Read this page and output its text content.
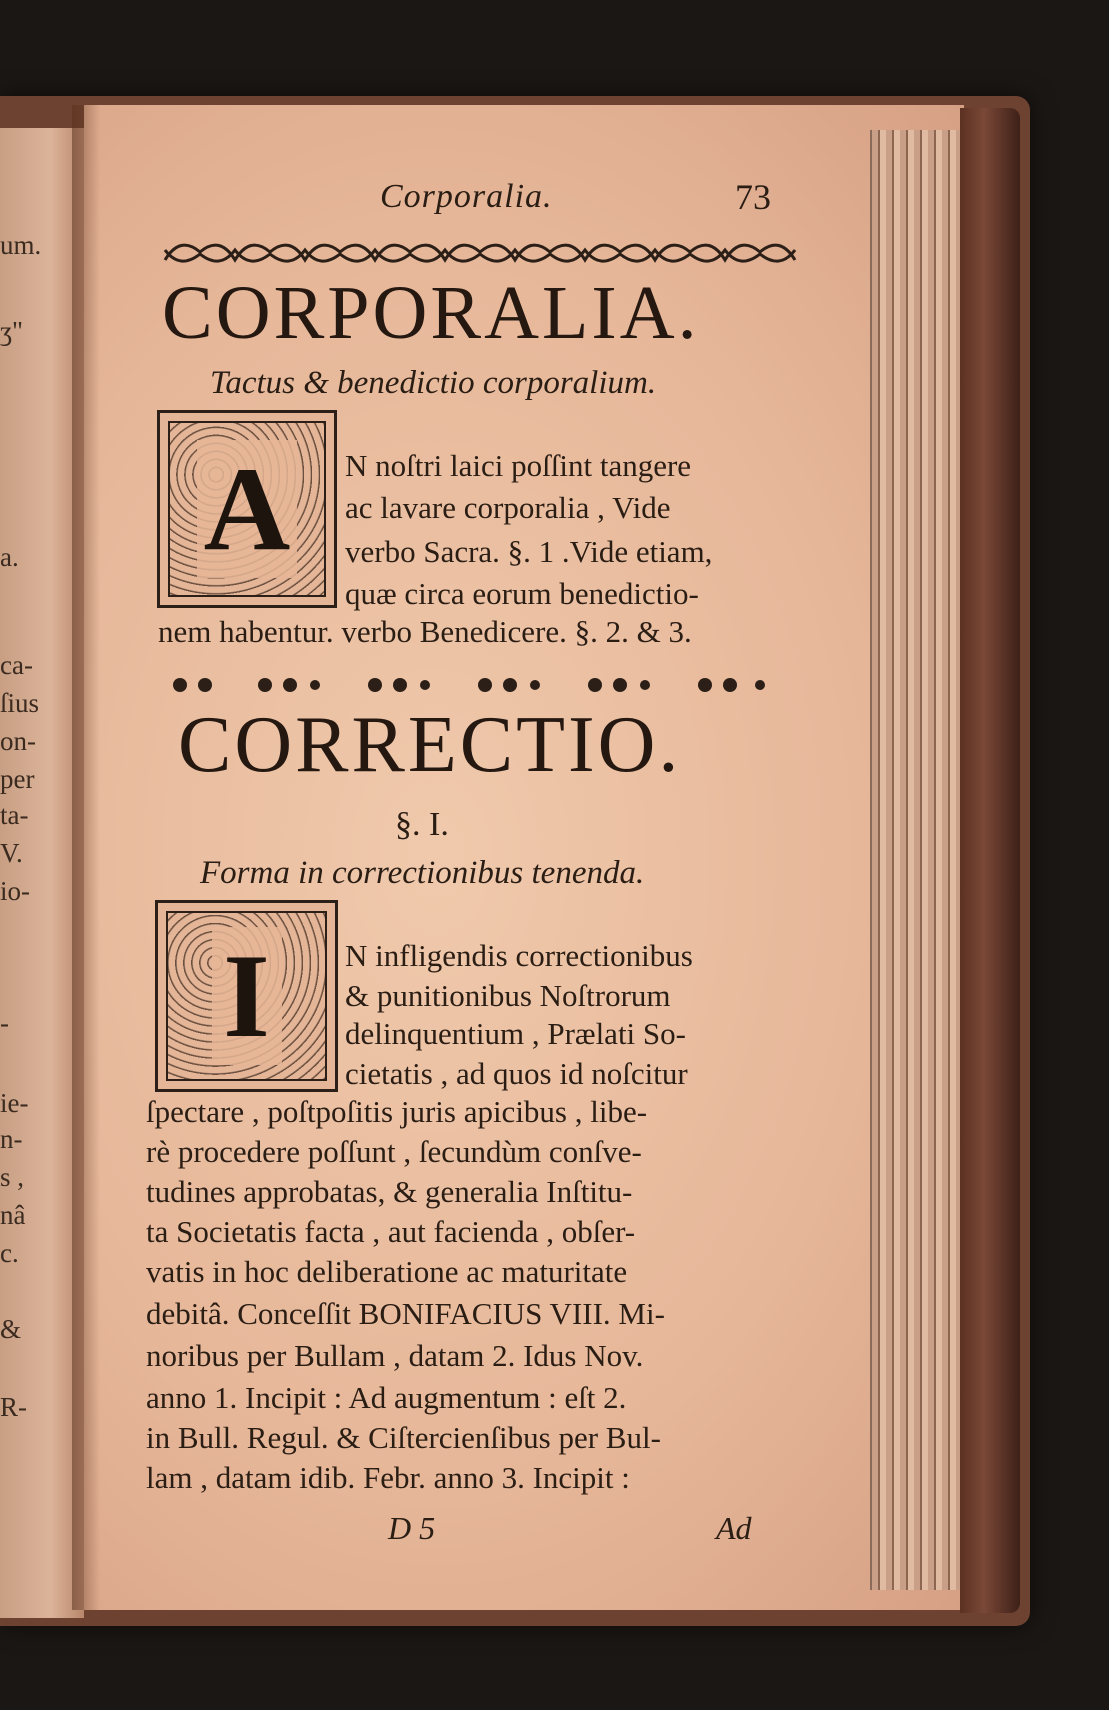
um.
ʒ"
a.
ca-
ſius
on-
per
ta-
V.
io-
-
ie-
n-
s ,
nâ
c.
&
R-
Corporalia.	73
CORPORALIA.
Tactus & benedictio corporalium.
A N noſtri laici poſſint tangere
ac lavare corporalia , Vide
verbo Sacra. §. 1 .Vide etiam,
quæ circa eorum benedictio-
nem habentur. verbo Benedicere. §. 2. & 3.
CORRECTIO.
§. I.
Forma in correctionibus tenenda.
I	N infligendis correctionibus
& punitionibus Noſtrorum
delinquentium , Prælati So-
cietatis , ad quos id noſcitur
ſpectare , poſtpoſitis juris apicibus , libe-
rè procedere poſſunt , ſecundùm conſve-
tudines approbatas, & generalia Inſtitu-
ta Societatis facta , aut facienda , obſer-
vatis in hoc deliberatione ac maturitate
debitâ. Conceſſit BONIFACIUS VIII. Mi-
noribus per Bullam , datam 2. Idus Nov.
anno 1. Incipit : Ad augmentum : eſt 2.
in Bull. Regul. & Ciſtercienſibus per Bul-
lam , datam idib. Febr. anno 3. Incipit :
D 5	Ad
